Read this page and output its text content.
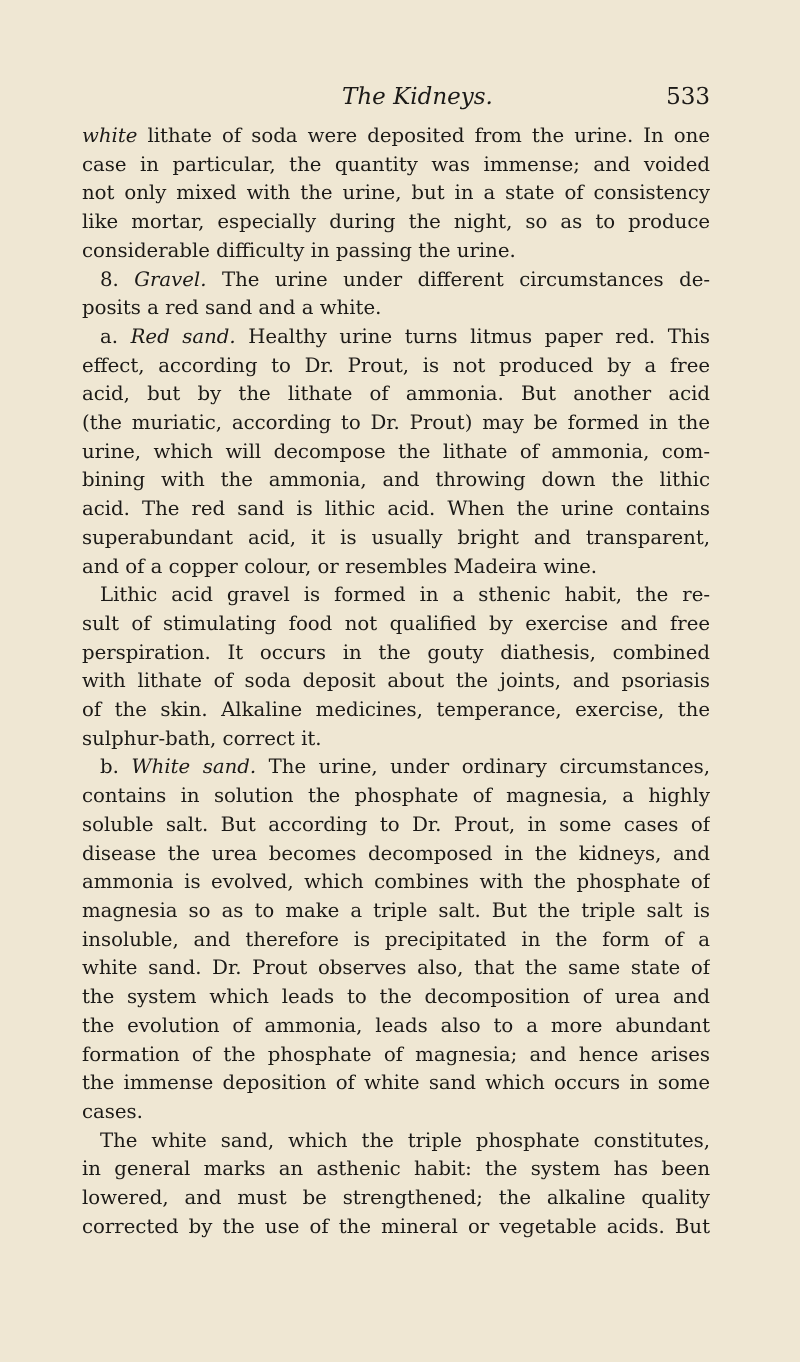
The Kidneys.	533
white lithate of soda were deposited from the urine. In one
case in particular, the quantity was immense; and voided
not only mixed with the urine, but in a state of consistency
like mortar, especially during the night, so as to produce
considerable difficulty in passing the urine.
8. Gravel. The urine under different circumstances de-
posits a red sand and a white.
a. Red sand. Healthy urine turns litmus paper red. This
effect, according to Dr. Prout, is not produced by a free
acid, but by the lithate of ammonia. But another acid
(the muriatic, according to Dr. Prout) may be formed in the
urine, which will decompose the lithate of ammonia, com-
bining with the ammonia, and throwing down the lithic
acid. The red sand is lithic acid. When the urine contains
superabundant acid, it is usually bright and transparent,
and of a copper colour, or resembles Madeira wine.
Lithic acid gravel is formed in a sthenic habit, the re-
sult of stimulating food not qualified by exercise and free
perspiration. It occurs in the gouty diathesis, combined
with lithate of soda deposit about the joints, and psoriasis
of the skin. Alkaline medicines, temperance, exercise, the
sulphur-bath, correct it.
b. White sand. The urine, under ordinary circumstances,
contains in solution the phosphate of magnesia, a highly
soluble salt. But according to Dr. Prout, in some cases of
disease the urea becomes decomposed in the kidneys, and
ammonia is evolved, which combines with the phosphate of
magnesia so as to make a triple salt. But the triple salt is
insoluble, and therefore is precipitated in the form of a
white sand. Dr. Prout observes also, that the same state of
the system which leads to the decomposition of urea and
the evolution of ammonia, leads also to a more abundant
formation of the phosphate of magnesia; and hence arises
the immense deposition of white sand which occurs in some
cases.
The white sand, which the triple phosphate constitutes,
in general marks an asthenic habit: the system has been
lowered, and must be strengthened; the alkaline quality
corrected by the use of the mineral or vegetable acids. But
